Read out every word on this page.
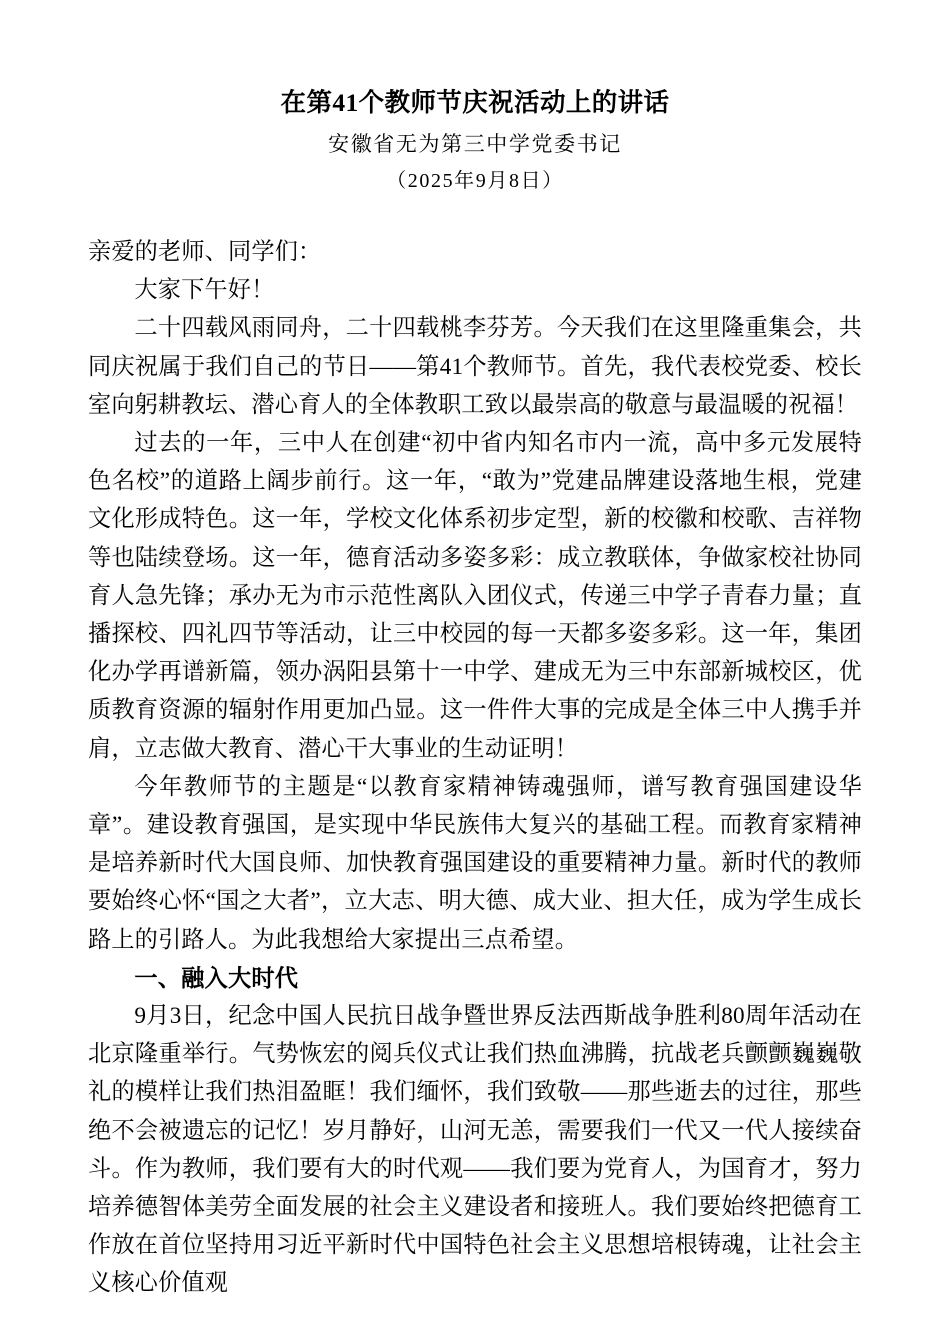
在第41个教师节庆祝活动上的讲话
安徽省无为第三中学党委书记
（2025年9月8日）

亲爱的老师、同学们：

大家下午好！

二十四载风雨同舟，二十四载桃李芬芳。今天我们在这里隆重集会，共同庆祝属于我们自己的节日——第41个教师节。首先，我代表校党委、校长室向躬耕教坛、潜心育人的全体教职工致以最崇高的敬意与最温暖的祝福！

过去的一年，三中人在创建“初中省内知名市内一流，高中多元发展特色名校”的道路上阔步前行。这一年，“敢为”党建品牌建设落地生根，党建文化形成特色。这一年，学校文化体系初步定型，新的校徽和校歌、吉祥物等也陆续登场。这一年，德育活动多姿多彩：成立教联体，争做家校社协同育人急先锋；承办无为市示范性离队入团仪式，传递三中学子青春力量；直播探校、四礼四节等活动，让三中校园的每一天都多姿多彩。这一年，集团化办学再谱新篇，领办涡阳县第十一中学、建成无为三中东部新城校区，优质教育资源的辐射作用更加凸显。这一件件大事的完成是全体三中人携手并肩，立志做大教育、潜心干大事业的生动证明！

今年教师节的主题是“以教育家精神铸魂强师，谱写教育强国建设华章”。建设教育强国，是实现中华民族伟大复兴的基础工程。而教育家精神是培养新时代大国良师、加快教育强国建设的重要精神力量。新时代的教师要始终心怀“国之大者”，立大志、明大德、成大业、担大任，成为学生成长路上的引路人。为此我想给大家提出三点希望。

一、融入大时代

9月3日，纪念中国人民抗日战争暨世界反法西斯战争胜利80周年活动在北京隆重举行。气势恢宏的阅兵仪式让我们热血沸腾，抗战老兵颤颤巍巍敬礼的模样让我们热泪盈眶！我们缅怀，我们致敬——那些逝去的过往，那些绝不会被遗忘的记忆！岁月静好，山河无恙，需要我们一代又一代人接续奋斗。作为教师，我们要有大的时代观——我们要为党育人，为国育才，努力培养德智体美劳全面发展的社会主义建设者和接班人。我们要始终把德育工作放在首位坚持用习近平新时代中国特色社会主义思想培根铸魂，让社会主义核心价值观
